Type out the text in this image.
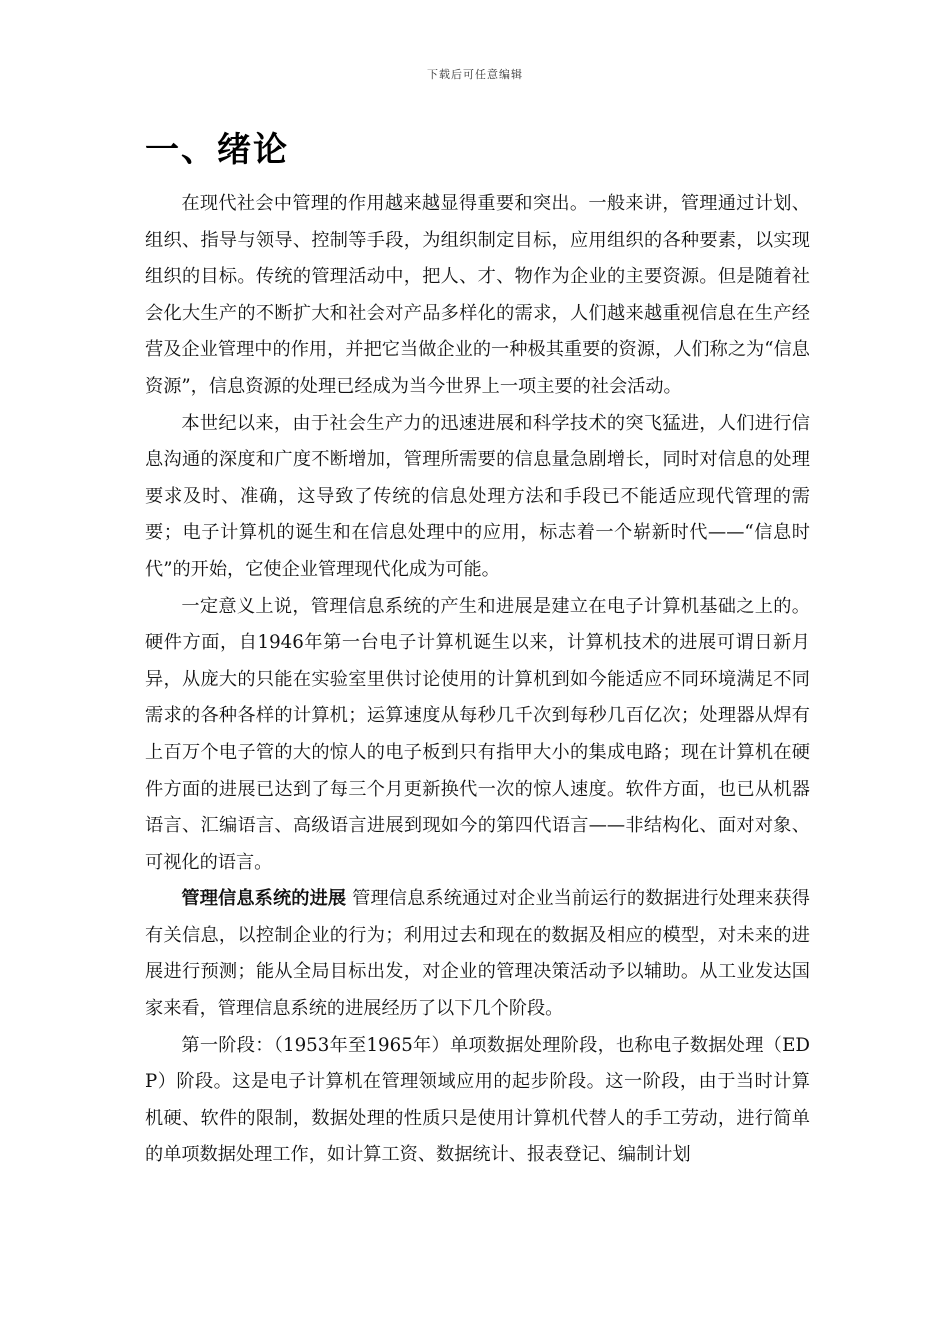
下载后可任意编辑
一、绪论

在现代社会中管理的作用越来越显得重要和突出。一般来讲，管理通过计划、组织、指导与领导、控制等手段，为组织制定目标，应用组织的各种要素，以实现组织的目标。传统的管理活动中，把人、才、物作为企业的主要资源。但是随着社会化大生产的不断扩大和社会对产品多样化的需求，人们越来越重视信息在生产经营及企业管理中的作用，并把它当做企业的一种极其重要的资源，人们称之为“信息资源”，信息资源的处理已经成为当今世界上一项主要的社会活动。

本世纪以来，由于社会生产力的迅速进展和科学技术的突飞猛进，人们进行信息沟通的深度和广度不断增加，管理所需要的信息量急剧增长，同时对信息的处理要求及时、准确，这导致了传统的信息处理方法和手段已不能适应现代管理的需要；电子计算机的诞生和在信息处理中的应用，标志着一个崭新时代——“信息时代”的开始，它使企业管理现代化成为可能。

一定意义上说，管理信息系统的产生和进展是建立在电子计算机基础之上的。硬件方面，自1946年第一台电子计算机诞生以来，计算机技术的进展可谓日新月异，从庞大的只能在实验室里供讨论使用的计算机到如今能适应不同环境满足不同需求的各种各样的计算机；运算速度从每秒几千次到每秒几百亿次；处理器从焊有上百万个电子管的大的惊人的电子板到只有指甲大小的集成电路；现在计算机在硬件方面的进展已达到了每三个月更新换代一次的惊人速度。软件方面，也已从机器语言、汇编语言、高级语言进展到现如今的第四代语言——非结构化、面对对象、可视化的语言。

管理信息系统的进展 管理信息系统通过对企业当前运行的数据进行处理来获得有关信息，以控制企业的行为；利用过去和现在的数据及相应的模型，对未来的进展进行预测；能从全局目标出发，对企业的管理决策活动予以辅助。从工业发达国家来看，管理信息系统的进展经历了以下几个阶段。

第一阶段：（1953年至1965年）单项数据处理阶段，也称电子数据处理（EDP）阶段。这是电子计算机在管理领域应用的起步阶段。这一阶段，由于当时计算机硬、软件的限制，数据处理的性质只是使用计算机代替人的手工劳动，进行简单的单项数据处理工作，如计算工资、数据统计、报表登记、编制计划
